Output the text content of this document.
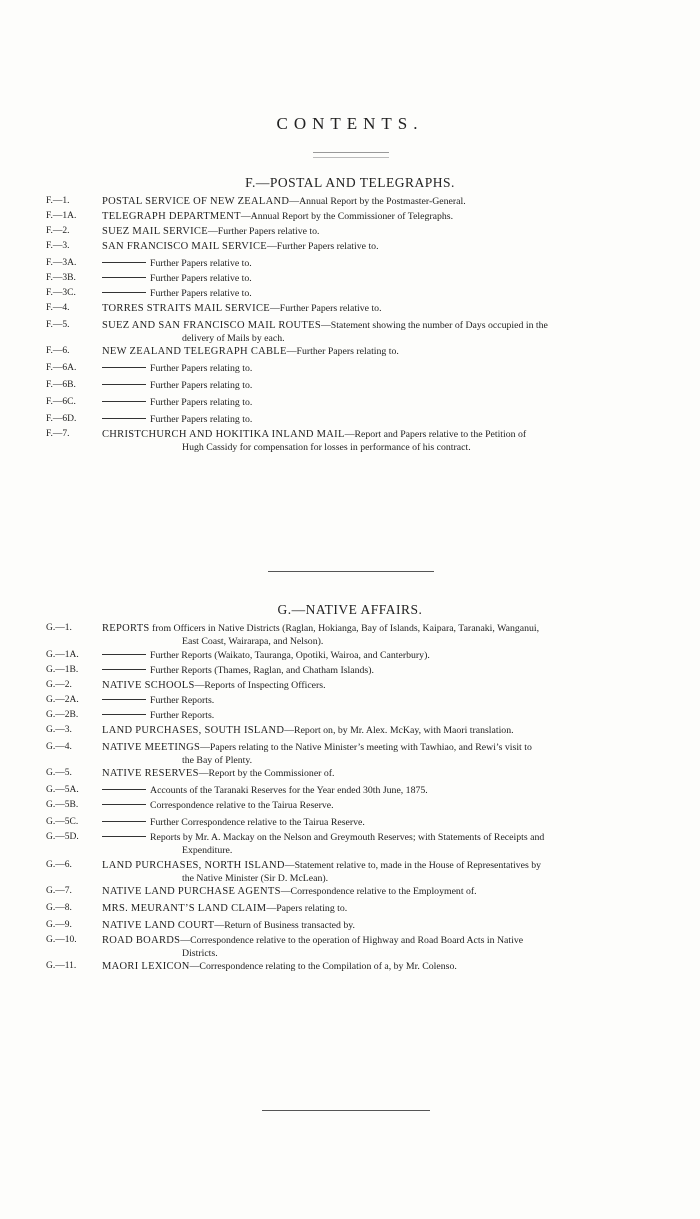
CONTENTS.
F.—POSTAL AND TELEGRAPHS.
F.—1.	POSTAL SERVICE OF NEW ZEALAND—Annual Report by the Postmaster-General.
F.—1A.	TELEGRAPH DEPARTMENT—Annual Report by the Commissioner of Telegraphs.
F.—2.	SUEZ MAIL SERVICE—Further Papers relative to.
F.—3.	SAN FRANCISCO MAIL SERVICE—Further Papers relative to.
F.—3A.	Further Papers relative to.
F.—3B.	Further Papers relative to.
F.—3C.	Further Papers relative to.
F.—4.	TORRES STRAITS MAIL SERVICE—Further Papers relative to.
F.—5.	SUEZ AND SAN FRANCISCO MAIL ROUTES—Statement showing the number of Days occupied in the
delivery of Mails by each.
F.—6.	NEW ZEALAND TELEGRAPH CABLE—Further Papers relating to.
F.—6A.	Further Papers relating to.
F.—6B.	Further Papers relating to.
F.—6C.	Further Papers relating to.
F.—6D.	Further Papers relating to.
F.—7.	CHRISTCHURCH AND HOKITIKA INLAND MAIL—Report and Papers relative to the Petition of
Hugh Cassidy for compensation for losses in performance of his contract.
G.—NATIVE AFFAIRS.
G.—1.	REPORTS from Officers in Native Districts (Raglan, Hokianga, Bay of Islands, Kaipara, Taranaki, Wanganui,
East Coast, Wairarapa, and Nelson).
G.—1A.	Further Reports (Waikato, Tauranga, Opotiki, Wairoa, and Canterbury).
G.—1B.	Further Reports (Thames, Raglan, and Chatham Islands).
G.—2.	NATIVE SCHOOLS—Reports of Inspecting Officers.
G.—2A.	Further Reports.
G.—2B.	Further Reports.
G.—3.	LAND PURCHASES, SOUTH ISLAND—Report on, by Mr. Alex. McKay, with Maori translation.
G.—4.	NATIVE MEETINGS—Papers relating to the Native Minister’s meeting with Tawhiao, and Rewi’s visit to
the Bay of Plenty.
G.—5.	NATIVE RESERVES—Report by the Commissioner of.
G.—5A.	Accounts of the Taranaki Reserves for the Year ended 30th June, 1875.
G.—5B.	Correspondence relative to the Tairua Reserve.
G.—5C.	Further Correspondence relative to the Tairua Reserve.
G.—5D.	Reports by Mr. A. Mackay on the Nelson and Greymouth Reserves; with Statements of Receipts and
Expenditure.
G.—6.	LAND PURCHASES, NORTH ISLAND—Statement relative to, made in the House of Representatives by
the Native Minister (Sir D. McLean).
G.—7.	NATIVE LAND PURCHASE AGENTS—Correspondence relative to the Employment of.
G.—8.	MRS. MEURANT’S LAND CLAIM—Papers relating to.
G.—9.	NATIVE LAND COURT—Return of Business transacted by.
G.—10.	ROAD BOARDS—Correspondence relative to the operation of Highway and Road Board Acts in Native
Districts.
G.—11.	MAORI LEXICON—Correspondence relating to the Compilation of a, by Mr. Colenso.
